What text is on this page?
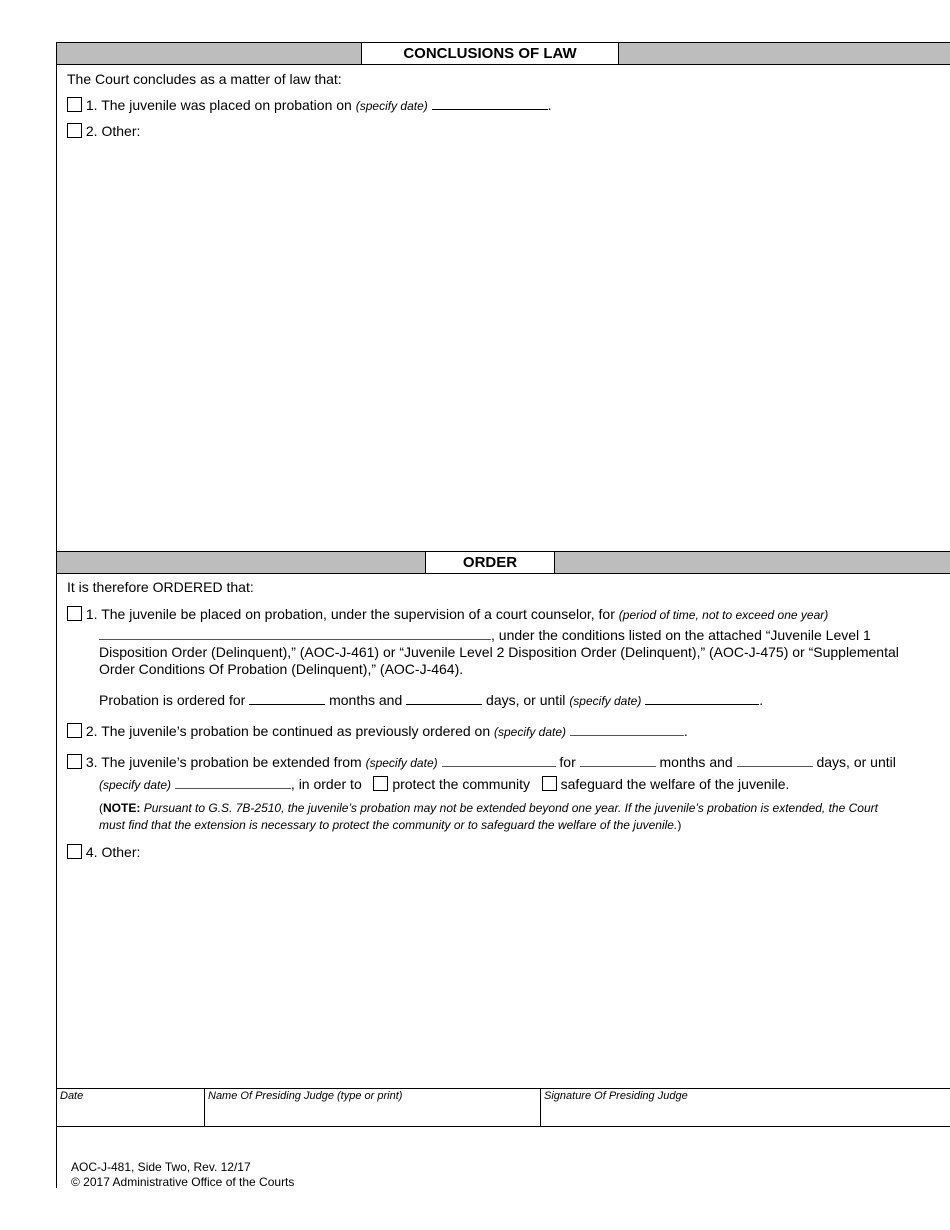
CONCLUSIONS OF LAW
The Court concludes as a matter of law that:
1. The juvenile was placed on probation on (specify date)	.
2. Other:
ORDER
It is therefore ORDERED that:
1. The juvenile be placed on probation, under the supervision of a court counselor, for (period of time, not to exceed one year)
, under the conditions listed on the attached “Juvenile Level 1
Disposition Order (Delinquent),” (AOC-J-461) or “Juvenile Level 2 Disposition Order (Delinquent),” (AOC-J-475) or “Supplemental
Order Conditions Of Probation (Delinquent),” (AOC-J-464).
Probation is ordered for	months and	days, or until (specify date)	.
2. The juvenile’s probation be continued as previously ordered on (specify date)	.
3. The juvenile’s probation be extended from (specify date)	for	months and	days, or until
(specify date)	, in order to protect the community safeguard the welfare of the juvenile.
(NOTE: Pursuant to G.S. 7B-2510, the juvenile’s probation may not be extended beyond one year. If the juvenile’s probation is extended, the Court
must find that the extension is necessary to protect the community or to safeguard the welfare of the juvenile.)
4. Other:
Date	Name Of Presiding Judge (type or print)	Signature Of Presiding Judge
AOC-J-481, Side Two, Rev. 12/17
© 2017 Administrative Office of the Courts
